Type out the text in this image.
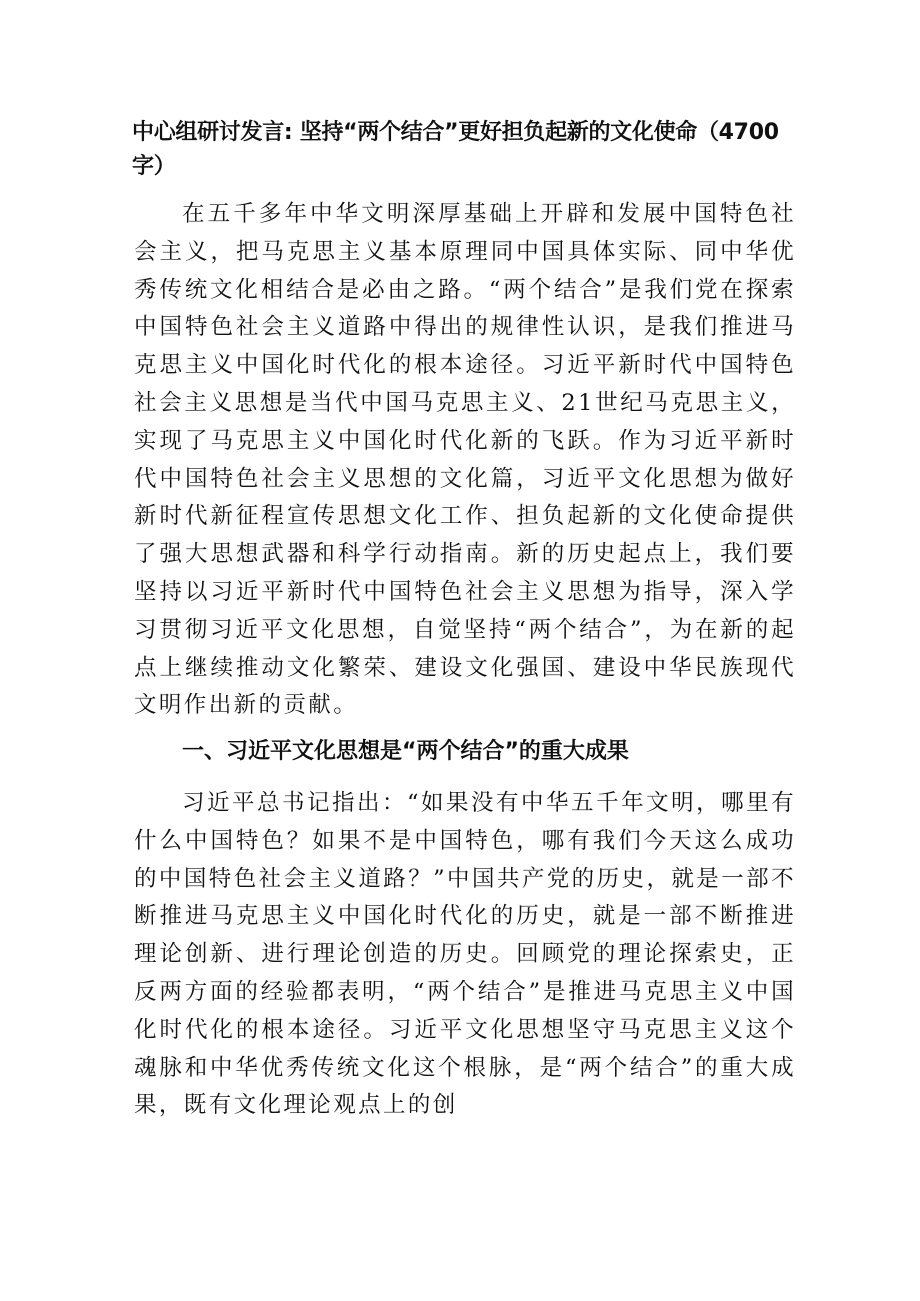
中心组研讨发言: 坚持“两个结合”更好担负起新的文化使命（4700字）

在五千多年中华文明深厚基础上开辟和发展中国特色社会主义，把马克思主义基本原理同中国具体实际、同中华优秀传统文化相结合是必由之路。“两个结合”是我们党在探索中国特色社会主义道路中得出的规律性认识，是我们推进马克思主义中国化时代化的根本途径。习近平新时代中国特色社会主义思想是当代中国马克思主义、21世纪马克思主义，实现了马克思主义中国化时代化新的飞跃。作为习近平新时代中国特色社会主义思想的文化篇，习近平文化思想为做好新时代新征程宣传思想文化工作、担负起新的文化使命提供了强大思想武器和科学行动指南。新的历史起点上，我们要坚持以习近平新时代中国特色社会主义思想为指导，深入学习贯彻习近平文化思想，自觉坚持“两个结合”，为在新的起点上继续推动文化繁荣、建设文化强国、建设中华民族现代文明作出新的贡献。

一、习近平文化思想是“两个结合”的重大成果

习近平总书记指出：“如果没有中华五千年文明，哪里有什么中国特色？如果不是中国特色，哪有我们今天这么成功的中国特色社会主义道路？”中国共产党的历史，就是一部不断推进马克思主义中国化时代化的历史，就是一部不断推进理论创新、进行理论创造的历史。回顾党的理论探索史，正反两方面的经验都表明，“两个结合”是推进马克思主义中国化时代化的根本途径。习近平文化思想坚守马克思主义这个魂脉和中华优秀传统文化这个根脉，是“两个结合”的重大成果，既有文化理论观点上的创
